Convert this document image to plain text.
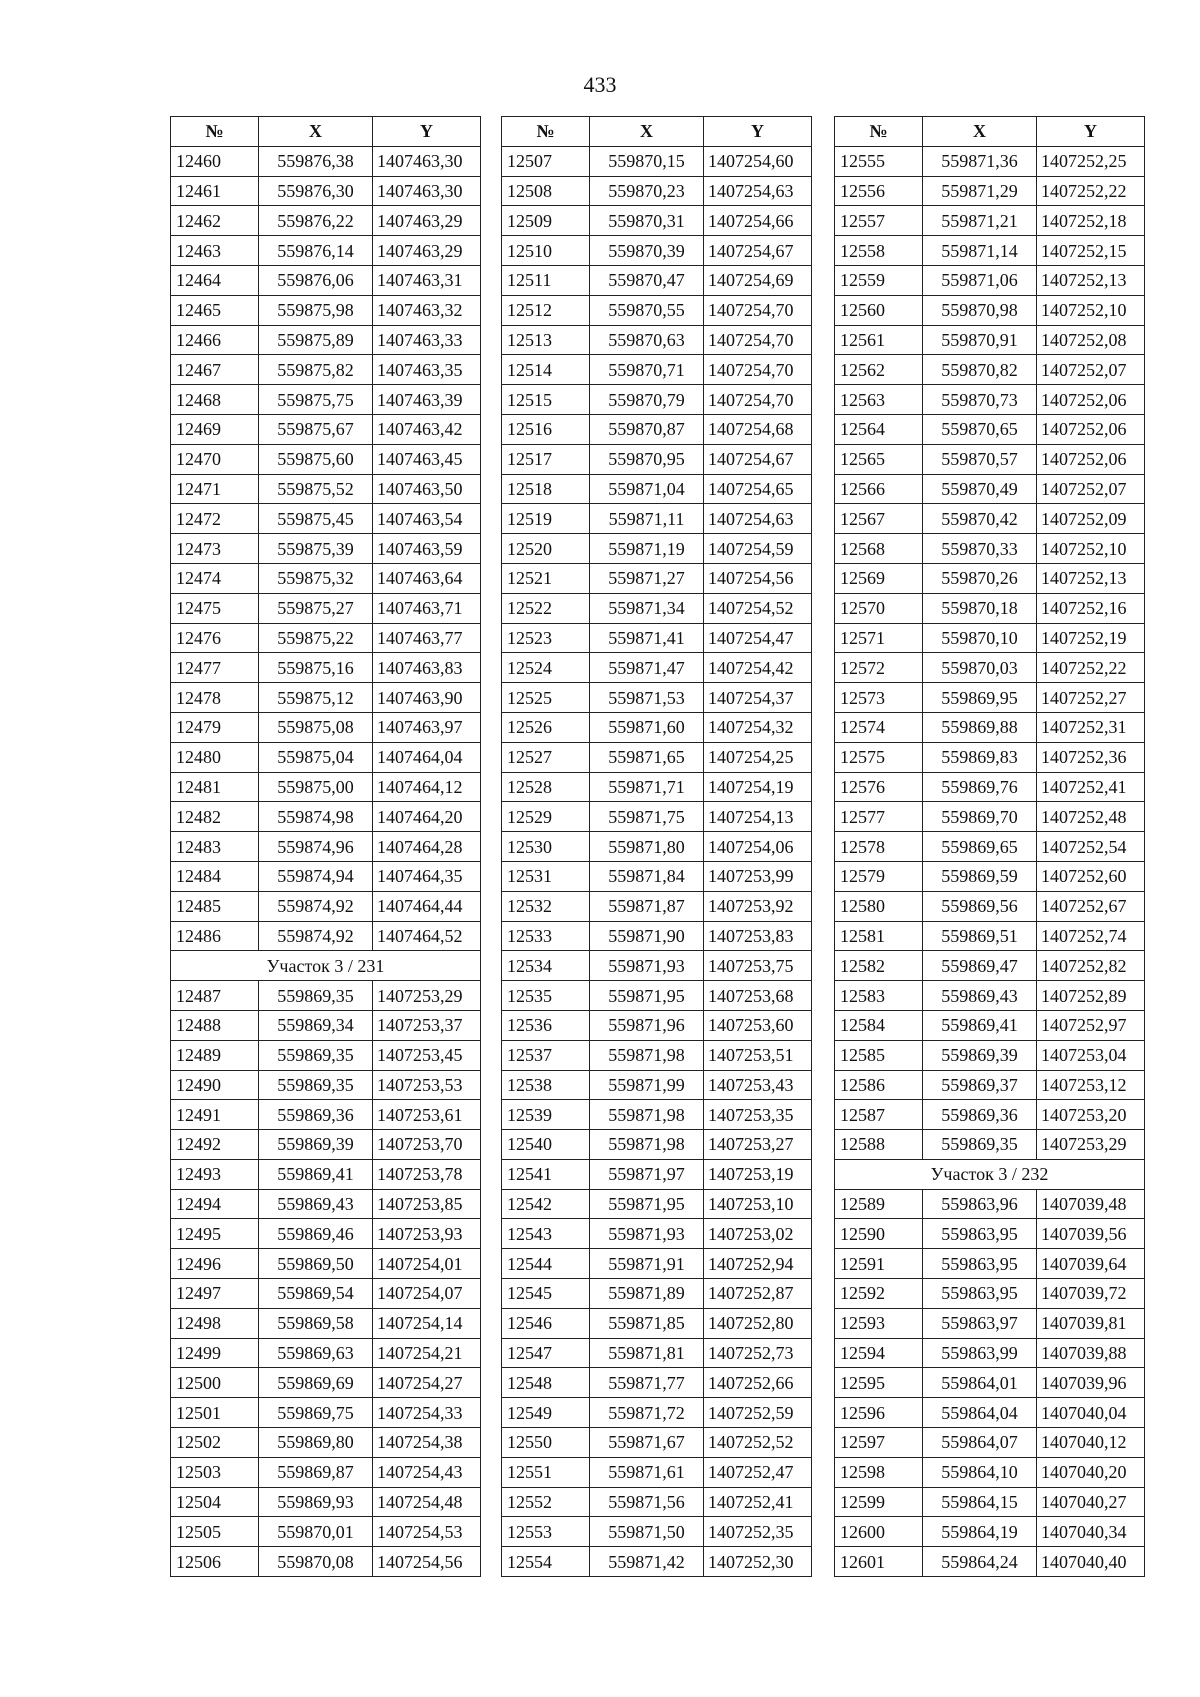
433
№	X	Y
12460	559876,38	1407463,30
12461	559876,30	1407463,30
12462	559876,22	1407463,29
12463	559876,14	1407463,29
12464	559876,06	1407463,31
12465	559875,98	1407463,32
12466	559875,89	1407463,33
12467	559875,82	1407463,35
12468	559875,75	1407463,39
12469	559875,67	1407463,42
12470	559875,60	1407463,45
12471	559875,52	1407463,50
12472	559875,45	1407463,54
12473	559875,39	1407463,59
12474	559875,32	1407463,64
12475	559875,27	1407463,71
12476	559875,22	1407463,77
12477	559875,16	1407463,83
12478	559875,12	1407463,90
12479	559875,08	1407463,97
12480	559875,04	1407464,04
12481	559875,00	1407464,12
12482	559874,98	1407464,20
12483	559874,96	1407464,28
12484	559874,94	1407464,35
12485	559874,92	1407464,44
12486	559874,92	1407464,52
Участок 3 / 231		
12487	559869,35	1407253,29
12488	559869,34	1407253,37
12489	559869,35	1407253,45
12490	559869,35	1407253,53
12491	559869,36	1407253,61
12492	559869,39	1407253,70
12493	559869,41	1407253,78
12494	559869,43	1407253,85
12495	559869,46	1407253,93
12496	559869,50	1407254,01
12497	559869,54	1407254,07
12498	559869,58	1407254,14
12499	559869,63	1407254,21
12500	559869,69	1407254,27
12501	559869,75	1407254,33
12502	559869,80	1407254,38
12503	559869,87	1407254,43
12504	559869,93	1407254,48
12505	559870,01	1407254,53
12506	559870,08	1407254,56
№	X	Y
12507	559870,15	1407254,60
12508	559870,23	1407254,63
12509	559870,31	1407254,66
12510	559870,39	1407254,67
12511	559870,47	1407254,69
12512	559870,55	1407254,70
12513	559870,63	1407254,70
12514	559870,71	1407254,70
12515	559870,79	1407254,70
12516	559870,87	1407254,68
12517	559870,95	1407254,67
12518	559871,04	1407254,65
12519	559871,11	1407254,63
12520	559871,19	1407254,59
12521	559871,27	1407254,56
12522	559871,34	1407254,52
12523	559871,41	1407254,47
12524	559871,47	1407254,42
12525	559871,53	1407254,37
12526	559871,60	1407254,32
12527	559871,65	1407254,25
12528	559871,71	1407254,19
12529	559871,75	1407254,13
12530	559871,80	1407254,06
12531	559871,84	1407253,99
12532	559871,87	1407253,92
12533	559871,90	1407253,83
12534	559871,93	1407253,75
12535	559871,95	1407253,68
12536	559871,96	1407253,60
12537	559871,98	1407253,51
12538	559871,99	1407253,43
12539	559871,98	1407253,35
12540	559871,98	1407253,27
12541	559871,97	1407253,19
12542	559871,95	1407253,10
12543	559871,93	1407253,02
12544	559871,91	1407252,94
12545	559871,89	1407252,87
12546	559871,85	1407252,80
12547	559871,81	1407252,73
12548	559871,77	1407252,66
12549	559871,72	1407252,59
12550	559871,67	1407252,52
12551	559871,61	1407252,47
12552	559871,56	1407252,41
12553	559871,50	1407252,35
12554	559871,42	1407252,30
№	X	Y
12555	559871,36	1407252,25
12556	559871,29	1407252,22
12557	559871,21	1407252,18
12558	559871,14	1407252,15
12559	559871,06	1407252,13
12560	559870,98	1407252,10
12561	559870,91	1407252,08
12562	559870,82	1407252,07
12563	559870,73	1407252,06
12564	559870,65	1407252,06
12565	559870,57	1407252,06
12566	559870,49	1407252,07
12567	559870,42	1407252,09
12568	559870,33	1407252,10
12569	559870,26	1407252,13
12570	559870,18	1407252,16
12571	559870,10	1407252,19
12572	559870,03	1407252,22
12573	559869,95	1407252,27
12574	559869,88	1407252,31
12575	559869,83	1407252,36
12576	559869,76	1407252,41
12577	559869,70	1407252,48
12578	559869,65	1407252,54
12579	559869,59	1407252,60
12580	559869,56	1407252,67
12581	559869,51	1407252,74
12582	559869,47	1407252,82
12583	559869,43	1407252,89
12584	559869,41	1407252,97
12585	559869,39	1407253,04
12586	559869,37	1407253,12
12587	559869,36	1407253,20
12588	559869,35	1407253,29
Участок 3 / 232		
12589	559863,96	1407039,48
12590	559863,95	1407039,56
12591	559863,95	1407039,64
12592	559863,95	1407039,72
12593	559863,97	1407039,81
12594	559863,99	1407039,88
12595	559864,01	1407039,96
12596	559864,04	1407040,04
12597	559864,07	1407040,12
12598	559864,10	1407040,20
12599	559864,15	1407040,27
12600	559864,19	1407040,34
12601	559864,24	1407040,40
